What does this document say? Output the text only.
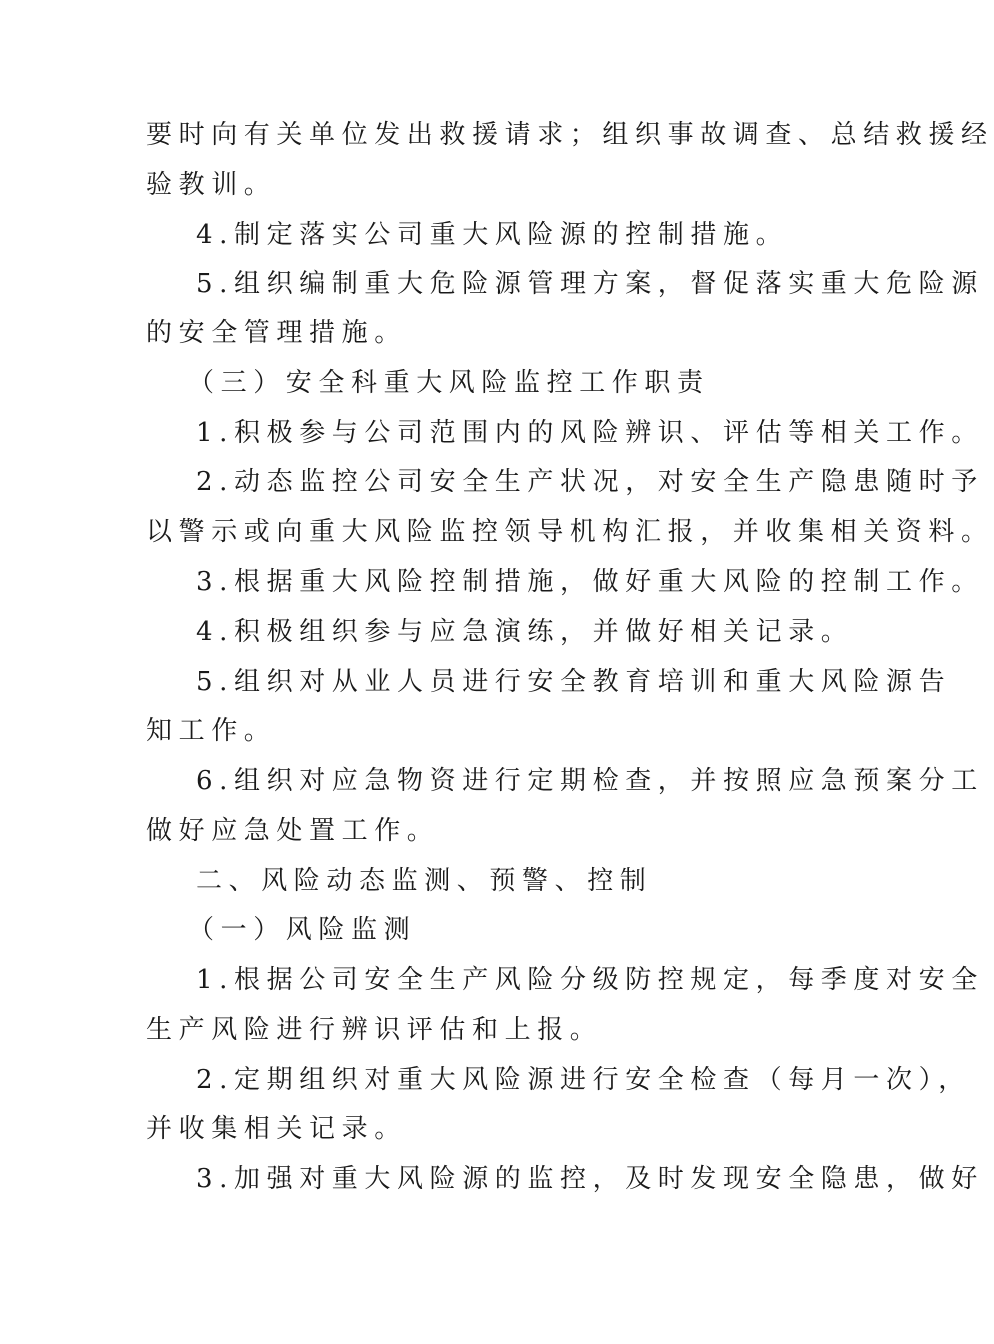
要时向有关单位发出救援请求；组织事故调查、总结救援经
验教训。
4.制定落实公司重大风险源的控制措施。
5.组织编制重大危险源管理方案，督促落实重大危险源
的安全管理措施。
（三）安全科重大风险监控工作职责
1.积极参与公司范围内的风险辨识、评估等相关工作。
2.动态监控公司安全生产状况，对安全生产隐患随时予
以警示或向重大风险监控领导机构汇报，并收集相关资料。
3.根据重大风险控制措施，做好重大风险的控制工作。
4.积极组织参与应急演练，并做好相关记录。
5.组织对从业人员进行安全教育培训和重大风险源告
知工作。
6.组织对应急物资进行定期检查，并按照应急预案分工
做好应急处置工作。
二、风险动态监测、预警、控制
（一）风险监测
1.根据公司安全生产风险分级防控规定，每季度对安全
生产风险进行辨识评估和上报。
2.定期组织对重大风险源进行安全检查（每月一次），
并收集相关记录。
3.加强对重大风险源的监控，及时发现安全隐患，做好
